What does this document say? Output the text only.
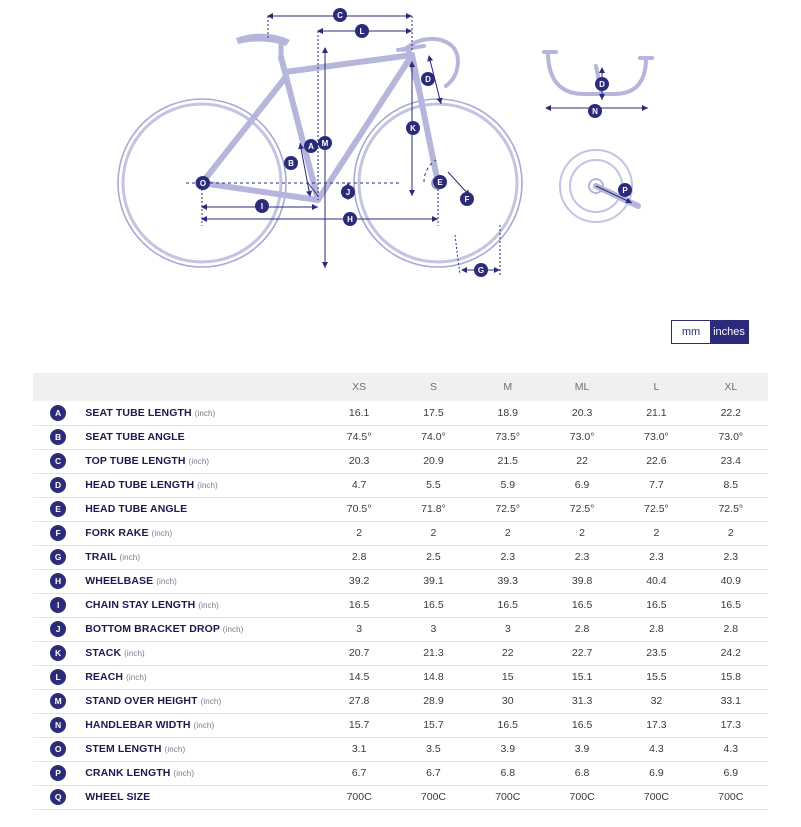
C
L
K
A
B
M
D
I
H
J
O	E
F
G
D
N
P
mm	inches
		XS	S	M	ML	L	XL
A	SEAT TUBE LENGTH (inch)	16.1	17.5	18.9	20.3	21.1	22.2
B	SEAT TUBE ANGLE	74.5°	74.0°	73.5°	73.0°	73.0°	73.0°
C	TOP TUBE LENGTH (inch)	20.3	20.9	21.5	22	22.6	23.4
D	HEAD TUBE LENGTH (inch)	4.7	5.5	5.9	6.9	7.7	8.5
E	HEAD TUBE ANGLE	70.5°	71.8°	72.5°	72.5°	72.5°	72.5°
F	FORK RAKE (inch)	2	2	2	2	2	2
G	TRAIL (inch)	2.8	2.5	2.3	2.3	2.3	2.3
H	WHEELBASE (inch)	39.2	39.1	39.3	39.8	40.4	40.9
I	CHAIN STAY LENGTH (inch)	16.5	16.5	16.5	16.5	16.5	16.5
J	BOTTOM BRACKET DROP (inch)	3	3	3	2.8	2.8	2.8
K	STACK (inch)	20.7	21.3	22	22.7	23.5	24.2
L	REACH (inch)	14.5	14.8	15	15.1	15.5	15.8
M	STAND OVER HEIGHT (inch)	27.8	28.9	30	31.3	32	33.1
N	HANDLEBAR WIDTH (inch)	15.7	15.7	16.5	16.5	17.3	17.3
O	STEM LENGTH (inch)	3.1	3.5	3.9	3.9	4.3	4.3
P	CRANK LENGTH (inch)	6.7	6.7	6.8	6.8	6.9	6.9
Q	WHEEL SIZE	700C	700C	700C	700C	700C	700C
